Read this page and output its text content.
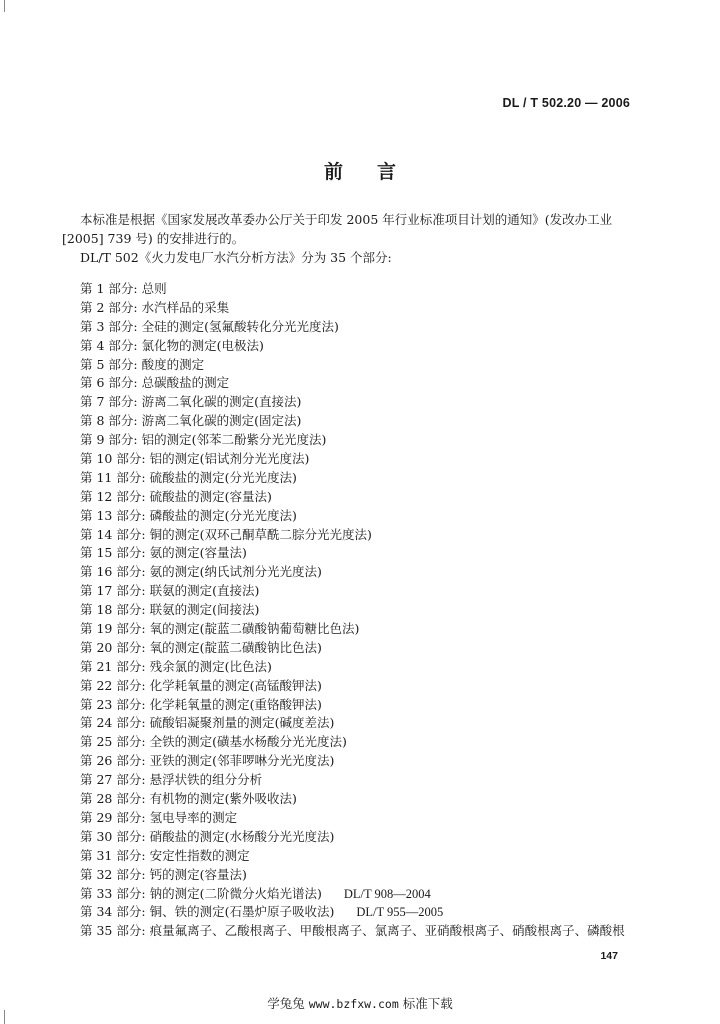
DL / T 502.20 — 2006
前言

本标准是根据《国家发展改革委办公厅关于印发 2005 年行业标准项目计划的通知》(发改办工业

[2005] 739 号) 的安排进行的。

DL/T 502《火力发电厂水汽分析方法》分为 35 个部分:

第 1 部分: 总则
第 2 部分: 水汽样品的采集
第 3 部分: 全硅的测定(氢氟酸转化分光光度法)
第 4 部分: 氯化物的测定(电极法)
第 5 部分: 酸度的测定
第 6 部分: 总碳酸盐的测定
第 7 部分: 游离二氧化碳的测定(直接法)
第 8 部分: 游离二氧化碳的测定(固定法)
第 9 部分: 铝的测定(邻苯二酚紫分光光度法)
第 10 部分: 铝的测定(铝试剂分光光度法)
第 11 部分: 硫酸盐的测定(分光光度法)
第 12 部分: 硫酸盐的测定(容量法)
第 13 部分: 磷酸盐的测定(分光光度法)
第 14 部分: 铜的测定(双环己酮草酰二腙分光光度法)
第 15 部分: 氨的测定(容量法)
第 16 部分: 氨的测定(纳氏试剂分光光度法)
第 17 部分: 联氨的测定(直接法)
第 18 部分: 联氨的测定(间接法)
第 19 部分: 氧的测定(靛蓝二磺酸钠葡萄糖比色法)
第 20 部分: 氧的测定(靛蓝二磺酸钠比色法)
第 21 部分: 残余氯的测定(比色法)
第 22 部分: 化学耗氧量的测定(高锰酸钾法)
第 23 部分: 化学耗氧量的测定(重铬酸钾法)
第 24 部分: 硫酸铝凝聚剂量的测定(碱度差法)
第 25 部分: 全铁的测定(磺基水杨酸分光光度法)
第 26 部分: 亚铁的测定(邻菲啰啉分光光度法)
第 27 部分: 悬浮状铁的组分分析
第 28 部分: 有机物的测定(紫外吸收法)
第 29 部分: 氢电导率的测定
第 30 部分: 硝酸盐的测定(水杨酸分光光度法)
第 31 部分: 安定性指数的测定
第 32 部分: 钙的测定(容量法)
第 33 部分: 钠的测定(二阶微分火焰光谱法) DL/T 908—2004
第 34 部分: 铜、铁的测定(石墨炉原子吸收法) DL/T 955—2005
第 35 部分: 痕量氟离子、乙酸根离子、甲酸根离子、氯离子、亚硝酸根离子、硝酸根离子、磷酸根
147
学兔兔 www.bzfxw.com 标准下载
